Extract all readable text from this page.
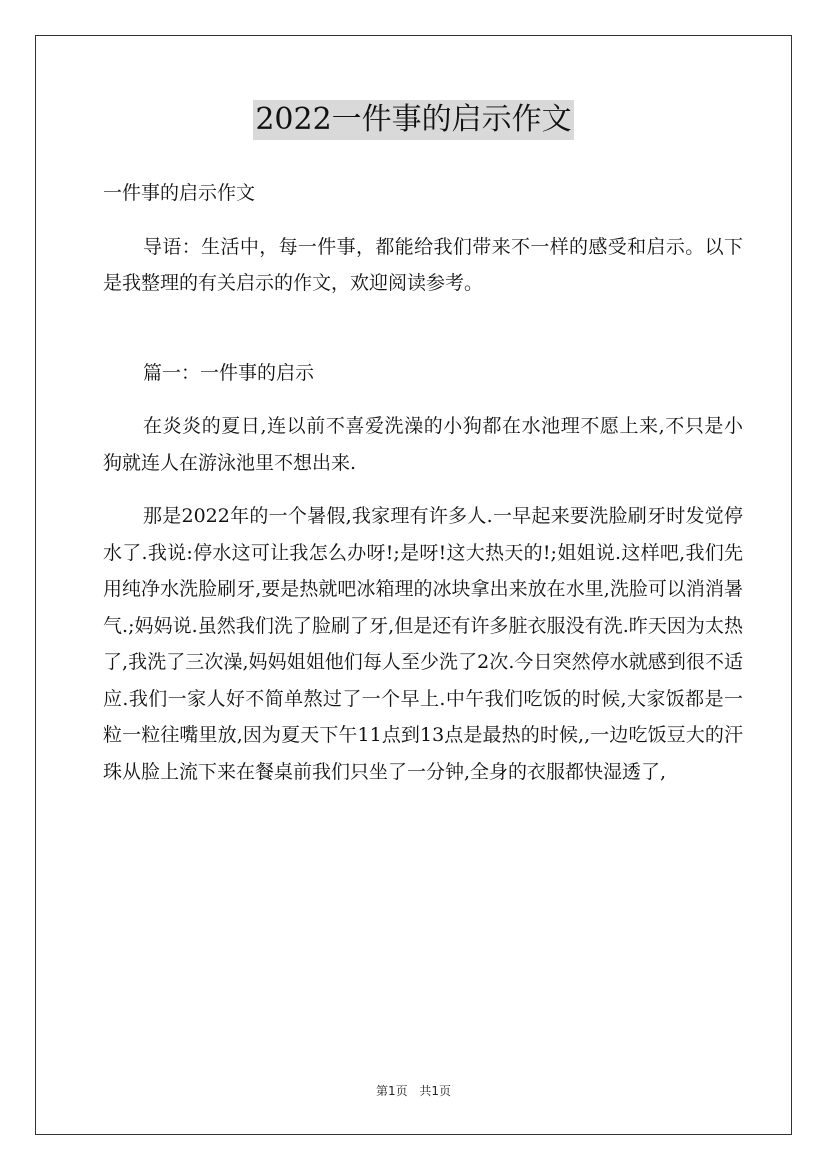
2022一件事的启示作文

一件事的启示作文

导语：生活中，每一件事，都能给我们带来不一样的感受和启示。以下是我整理的有关启示的作文，欢迎阅读参考。

篇一：一件事的启示

在炎炎的夏日,连以前不喜爱洗澡的小狗都在水池理不愿上来,不只是小狗就连人在游泳池里不想出来.

那是2022年的一个暑假,我家理有许多人.一早起来要洗脸刷牙时发觉停水了.我说:停水这可让我怎么办呀!;是呀!这大热天的!;姐姐说.这样吧,我们先用纯净水洗脸刷牙,要是热就吧冰箱理的冰块拿出来放在水里,洗脸可以消消暑气.;妈妈说.虽然我们洗了脸刷了牙,但是还有许多脏衣服没有洗.昨天因为太热了,我洗了三次澡,妈妈姐姐他们每人至少洗了2次.今日突然停水就感到很不适应.我们一家人好不简单熬过了一个早上.中午我们吃饭的时候,大家饭都是一粒一粒往嘴里放,因为夏天下午11点到13点是最热的时候,,一边吃饭豆大的汗珠从脸上流下来在餐桌前我们只坐了一分钟,全身的衣服都快湿透了,

第1页 共1页
